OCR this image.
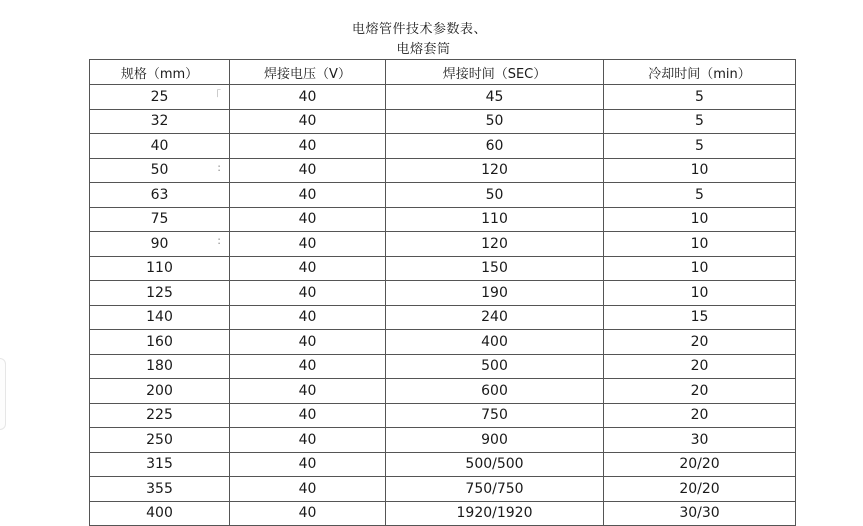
电熔管件技术参数表、
电熔套筒
规格（mm）	焊接电压（V）	焊接时间（SEC）	冷却时间（min）
25 「	40	45	5
32	40	50	5
40	40	60	5
50 :	40	120	10
63	40	50	5
75	40	110	10
90 :	40	120	10
110	40	150	10
125	40	190	10
140	40	240	15
160	40	400	20
180	40	500	20
200	40	600	20
225	40	750	20
250	40	900	30
315	40	500/500	20/20
355	40	750/750	20/20
400	40	1920/1920	30/30
